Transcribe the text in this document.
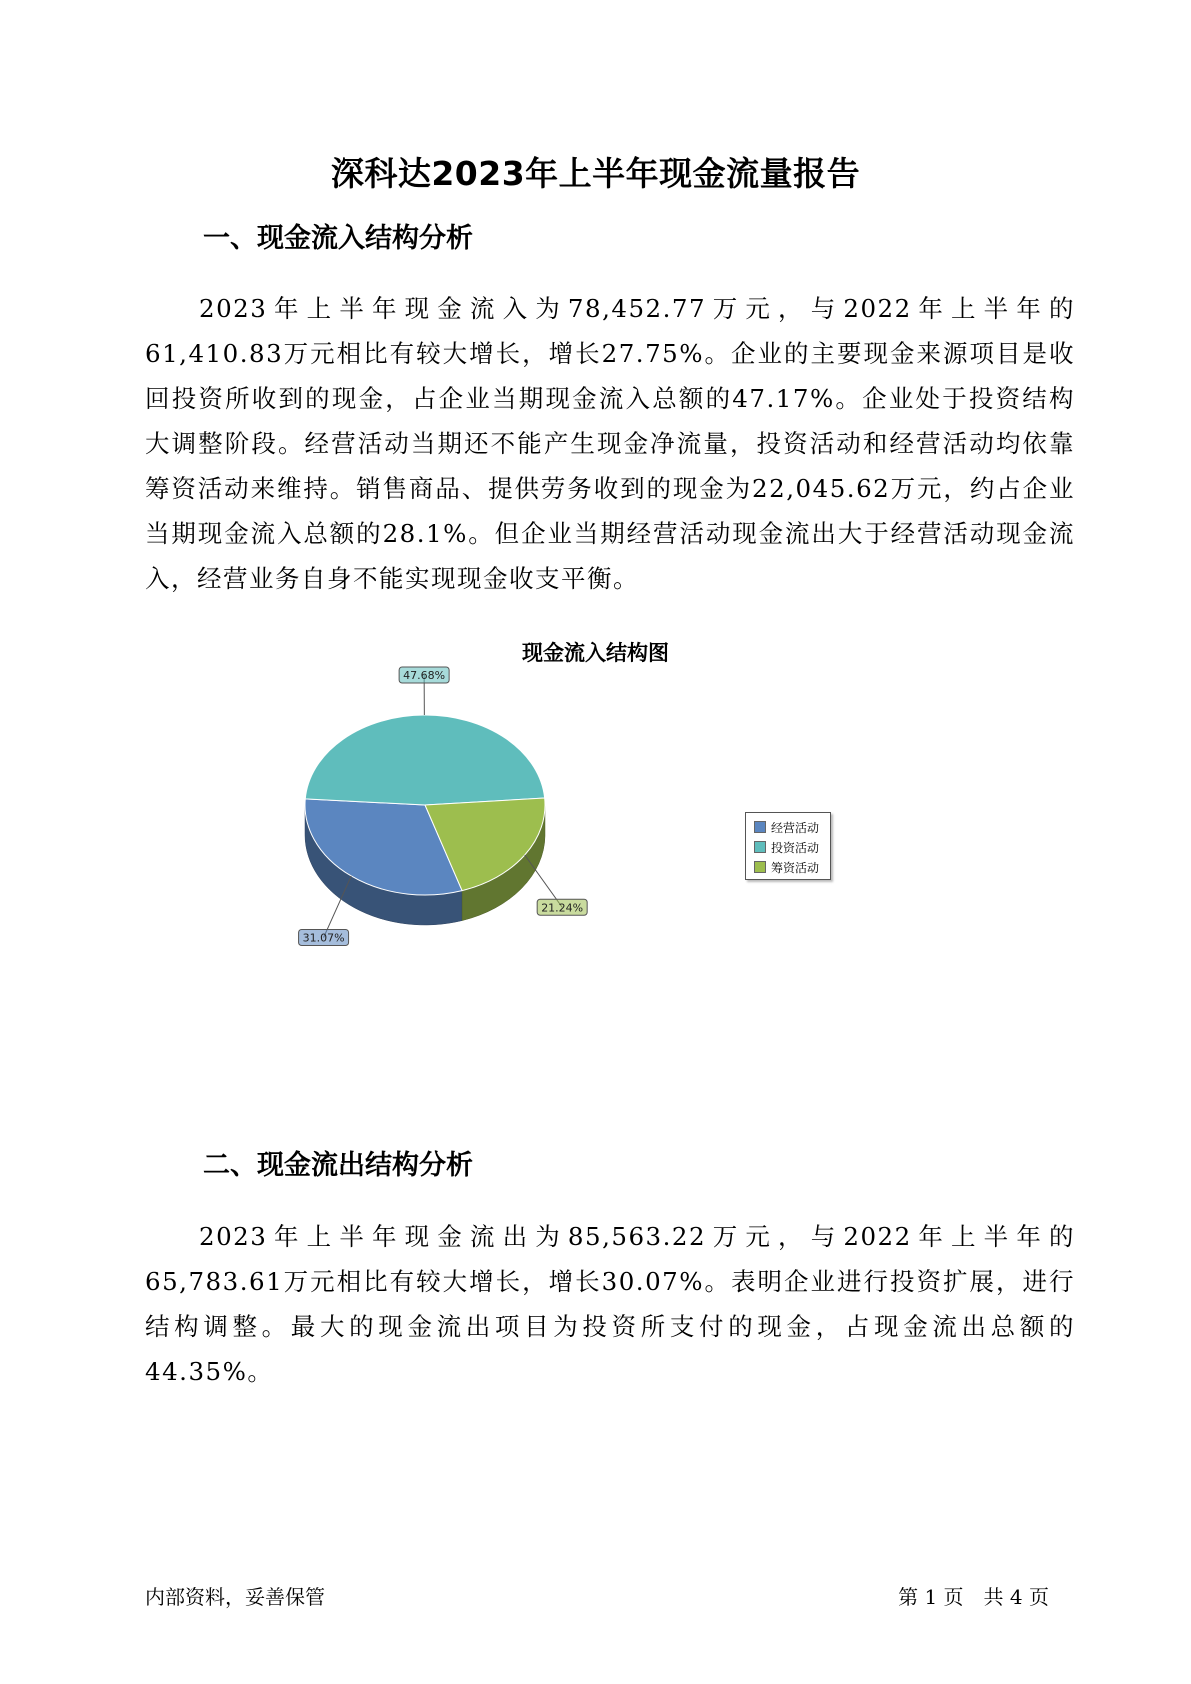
深科达2023年上半年现金流量报告
一、现金流入结构分析
2023年上半年现金流入为78,452.77万元，与2022年上半年的61,410.83万元相比有较大增长，增长27.75%。企业的主要现金来源项目是收回投资所收到的现金，占企业当期现金流入总额的47.17%。企业处于投资结构大调整阶段。经营活动当期还不能产生现金净流量，投资活动和经营活动均依靠筹资活动来维持。销售商品、提供劳务收到的现金为22,045.62万元，约占企业当期现金流入总额的28.1%。但企业当期经营活动现金流出大于经营活动现金流入，经营业务自身不能实现现金收支平衡。
现金流入结构图
31.07%
47.68%
21.24%
经营活动
投资活动
筹资活动
二、现金流出结构分析
2023年上半年现金流出为85,563.22万元，与2022年上半年的65,783.61万元相比有较大增长，增长30.07%。表明企业进行投资扩展，进行结构调整。最大的现金流出项目为投资所支付的现金，占现金流出总额的44.35%。
内部资料，妥善保管	第 1 页　共 4 页
